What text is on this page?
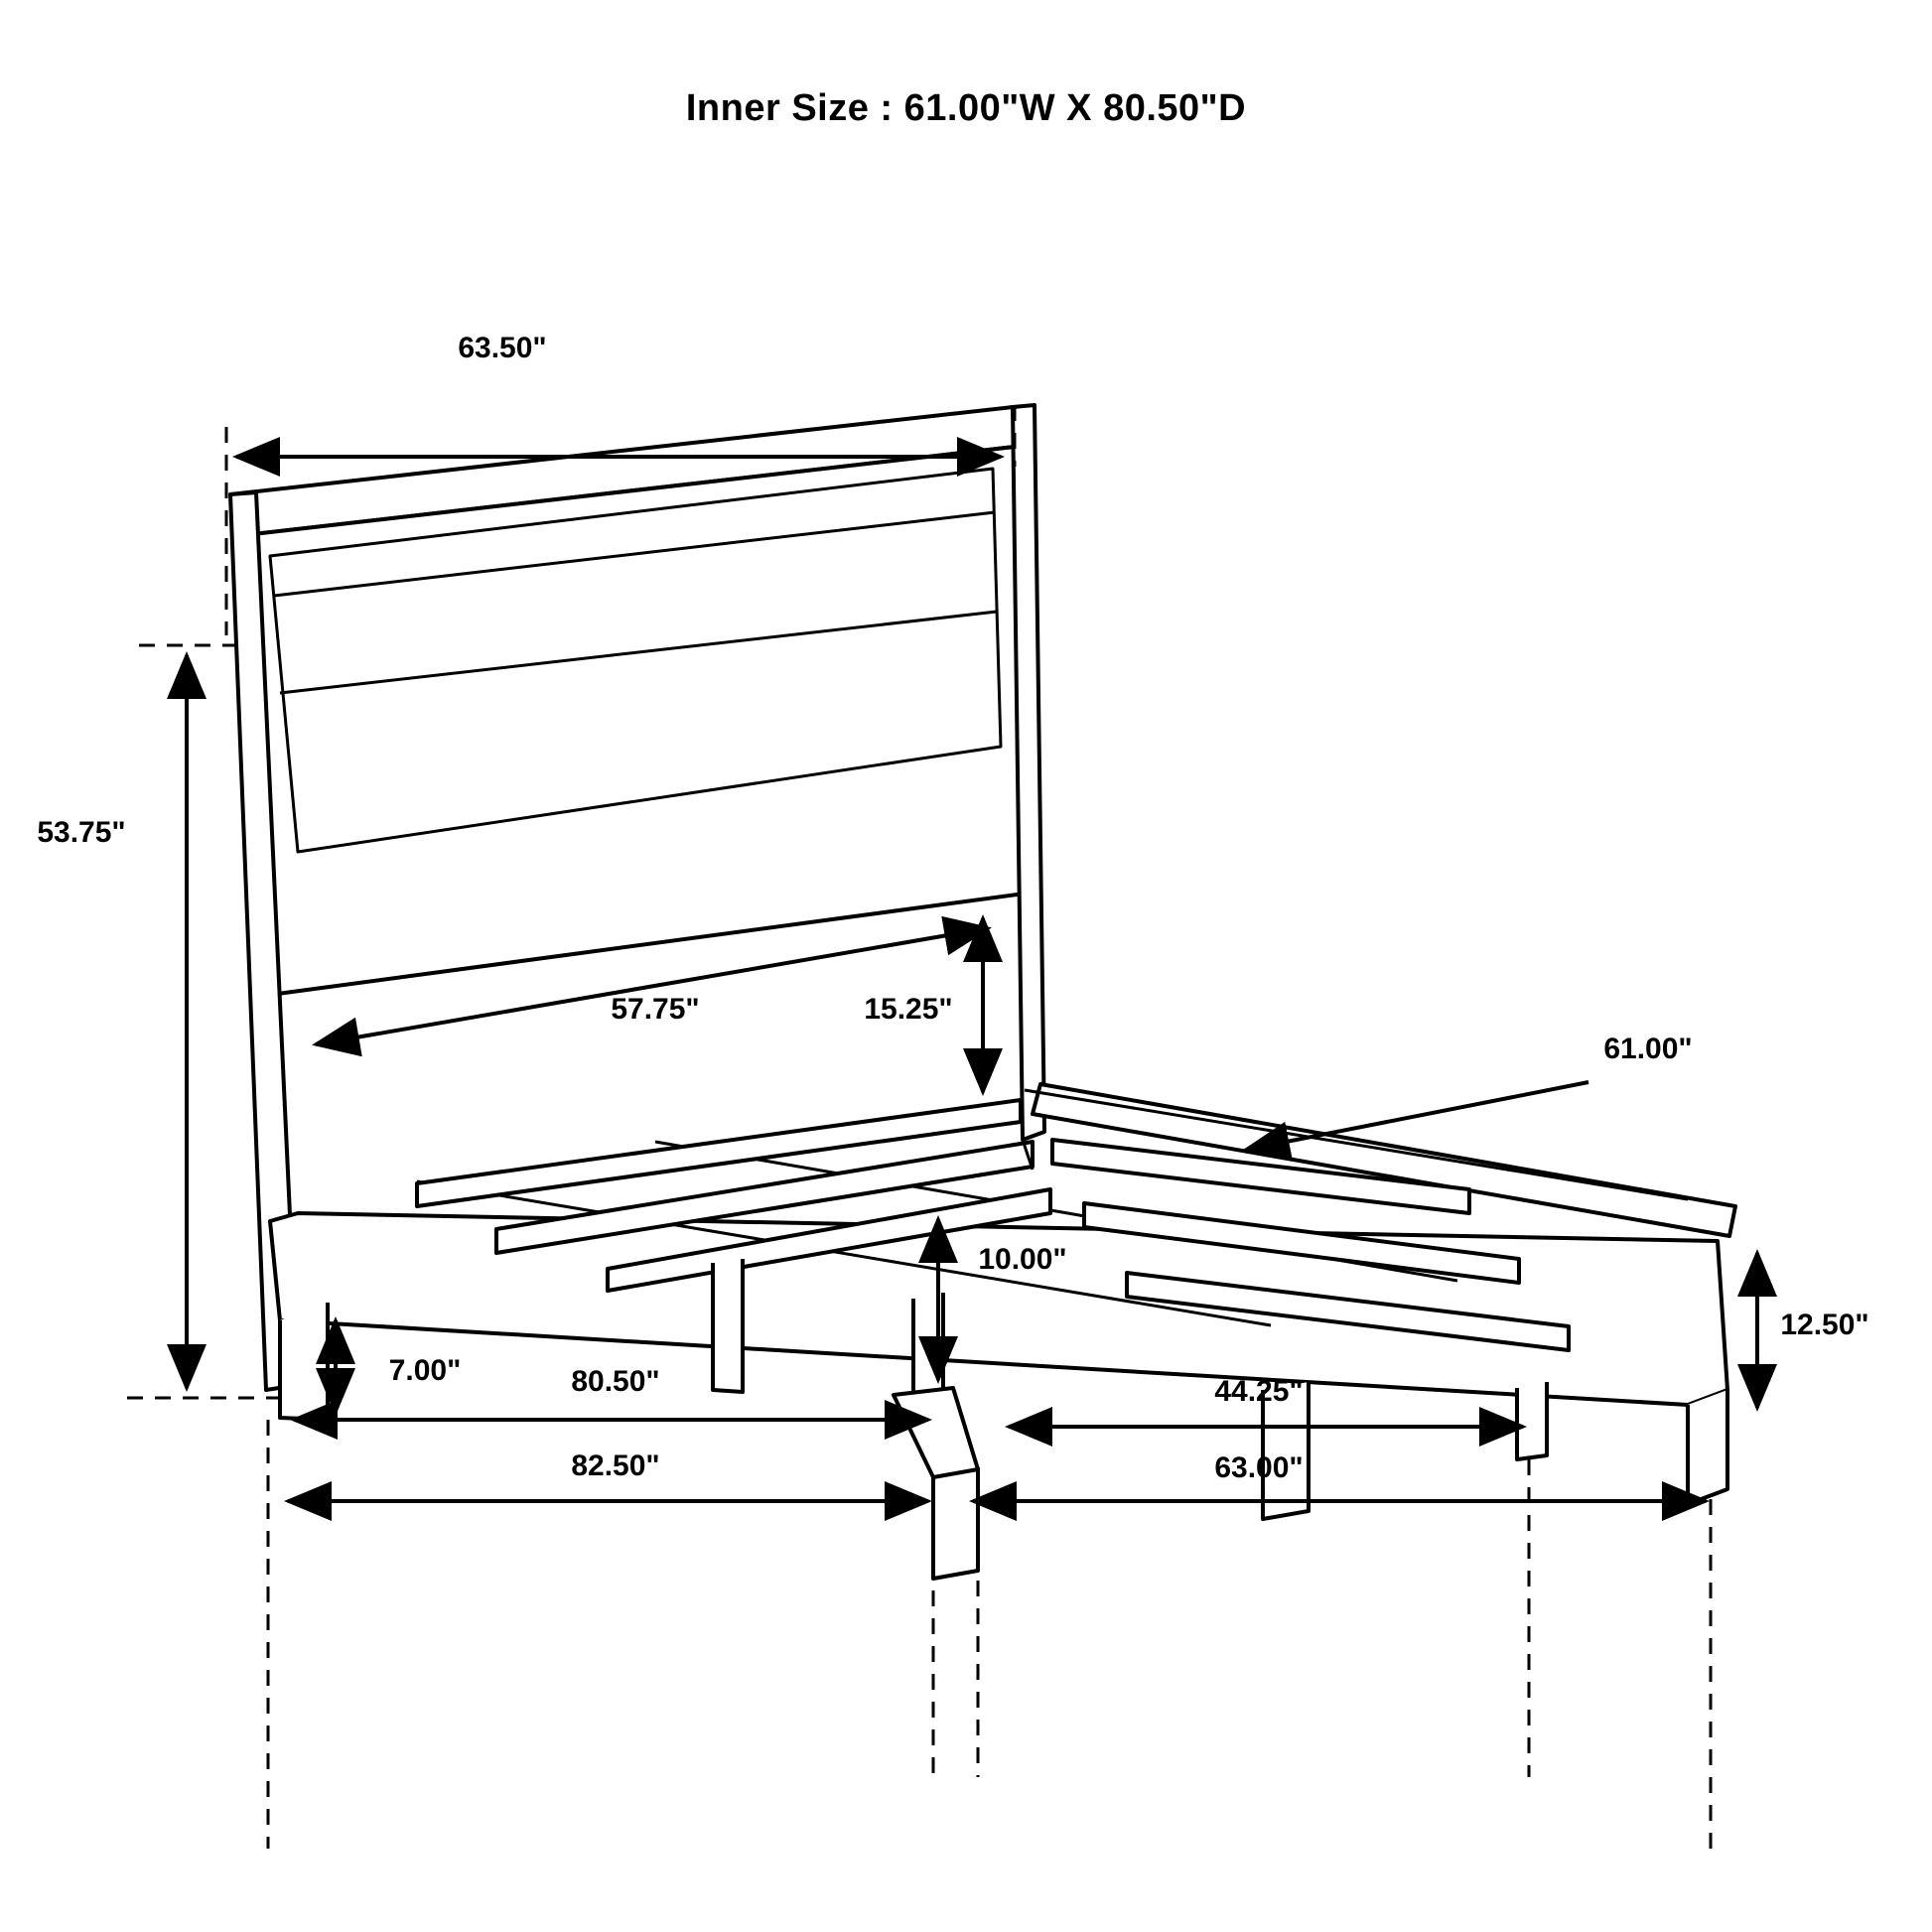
Inner Size : 61.00"W X 80.50"D
63.50"
53.75"
57.75"	15.25"
61.00"
10.00"
12.50"
7.00"	80.50"	44.25"
82.50"	63.00"
